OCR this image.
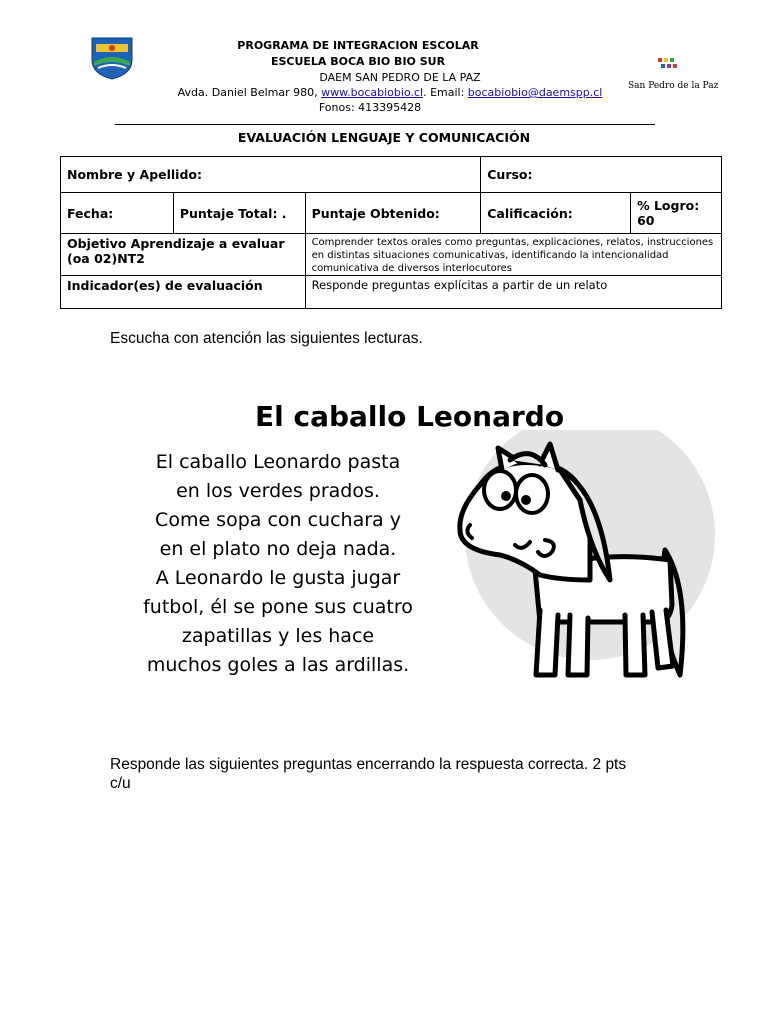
PROGRAMA DE INTEGRACION ESCOLAR
ESCUELA BOCA BIO BIO SUR
DAEM SAN PEDRO DE LA PAZ
Avda. Daniel Belmar 980, www.bocabiobio.cl. Email: bocabiobio@daemspp.cl
Fonos: 413395428
San Pedro de la Paz
EVALUACIÓN LENGUAJE Y COMUNICACIÓN
Nombre y Apellido:			Curso:	
Fecha:	Puntaje Total: .	Puntaje Obtenido:	Calificación:	% Logro: 60
Objetivo Aprendizaje a evaluar (oa 02)NT2		Comprender textos orales como preguntas, explicaciones, relatos, instrucciones en distintas situaciones comunicativas, identificando la intencionalidad comunicativa de diversos interlocutores		
Indicador(es) de evaluación		Responde preguntas explícitas a partir de un relato		
Escucha con atención las siguientes lecturas.
El caballo Leonardo
El caballo Leonardo pasta
en los verdes prados.
Come sopa con cuchara y
en el plato no deja nada.
A Leonardo le gusta jugar
futbol, él se pone sus cuatro
zapatillas y les hace
muchos goles a las ardillas.
Responde las siguientes preguntas encerrando la respuesta correcta. 2 pts c/u
